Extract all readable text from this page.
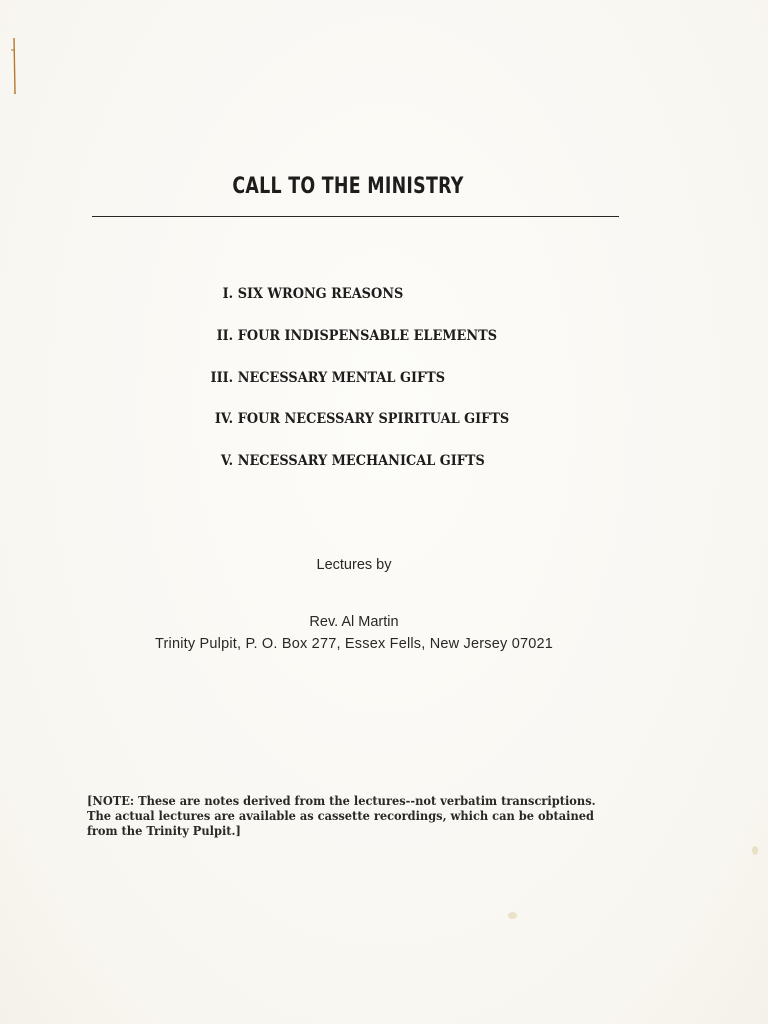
CALL TO THE MINISTRY
I. SIX WRONG REASONS
II. FOUR INDISPENSABLE ELEMENTS
III. NECESSARY MENTAL GIFTS
IV. FOUR NECESSARY SPIRITUAL GIFTS
V. NECESSARY MECHANICAL GIFTS
Lectures by
Rev. Al Martin
Trinity Pulpit, P. O. Box 277, Essex Fells, New Jersey 07021
[NOTE: These are notes derived from the lectures--not verbatim transcriptions. The actual lectures are available as cassette recordings, which can be obtained from the Trinity Pulpit.]
